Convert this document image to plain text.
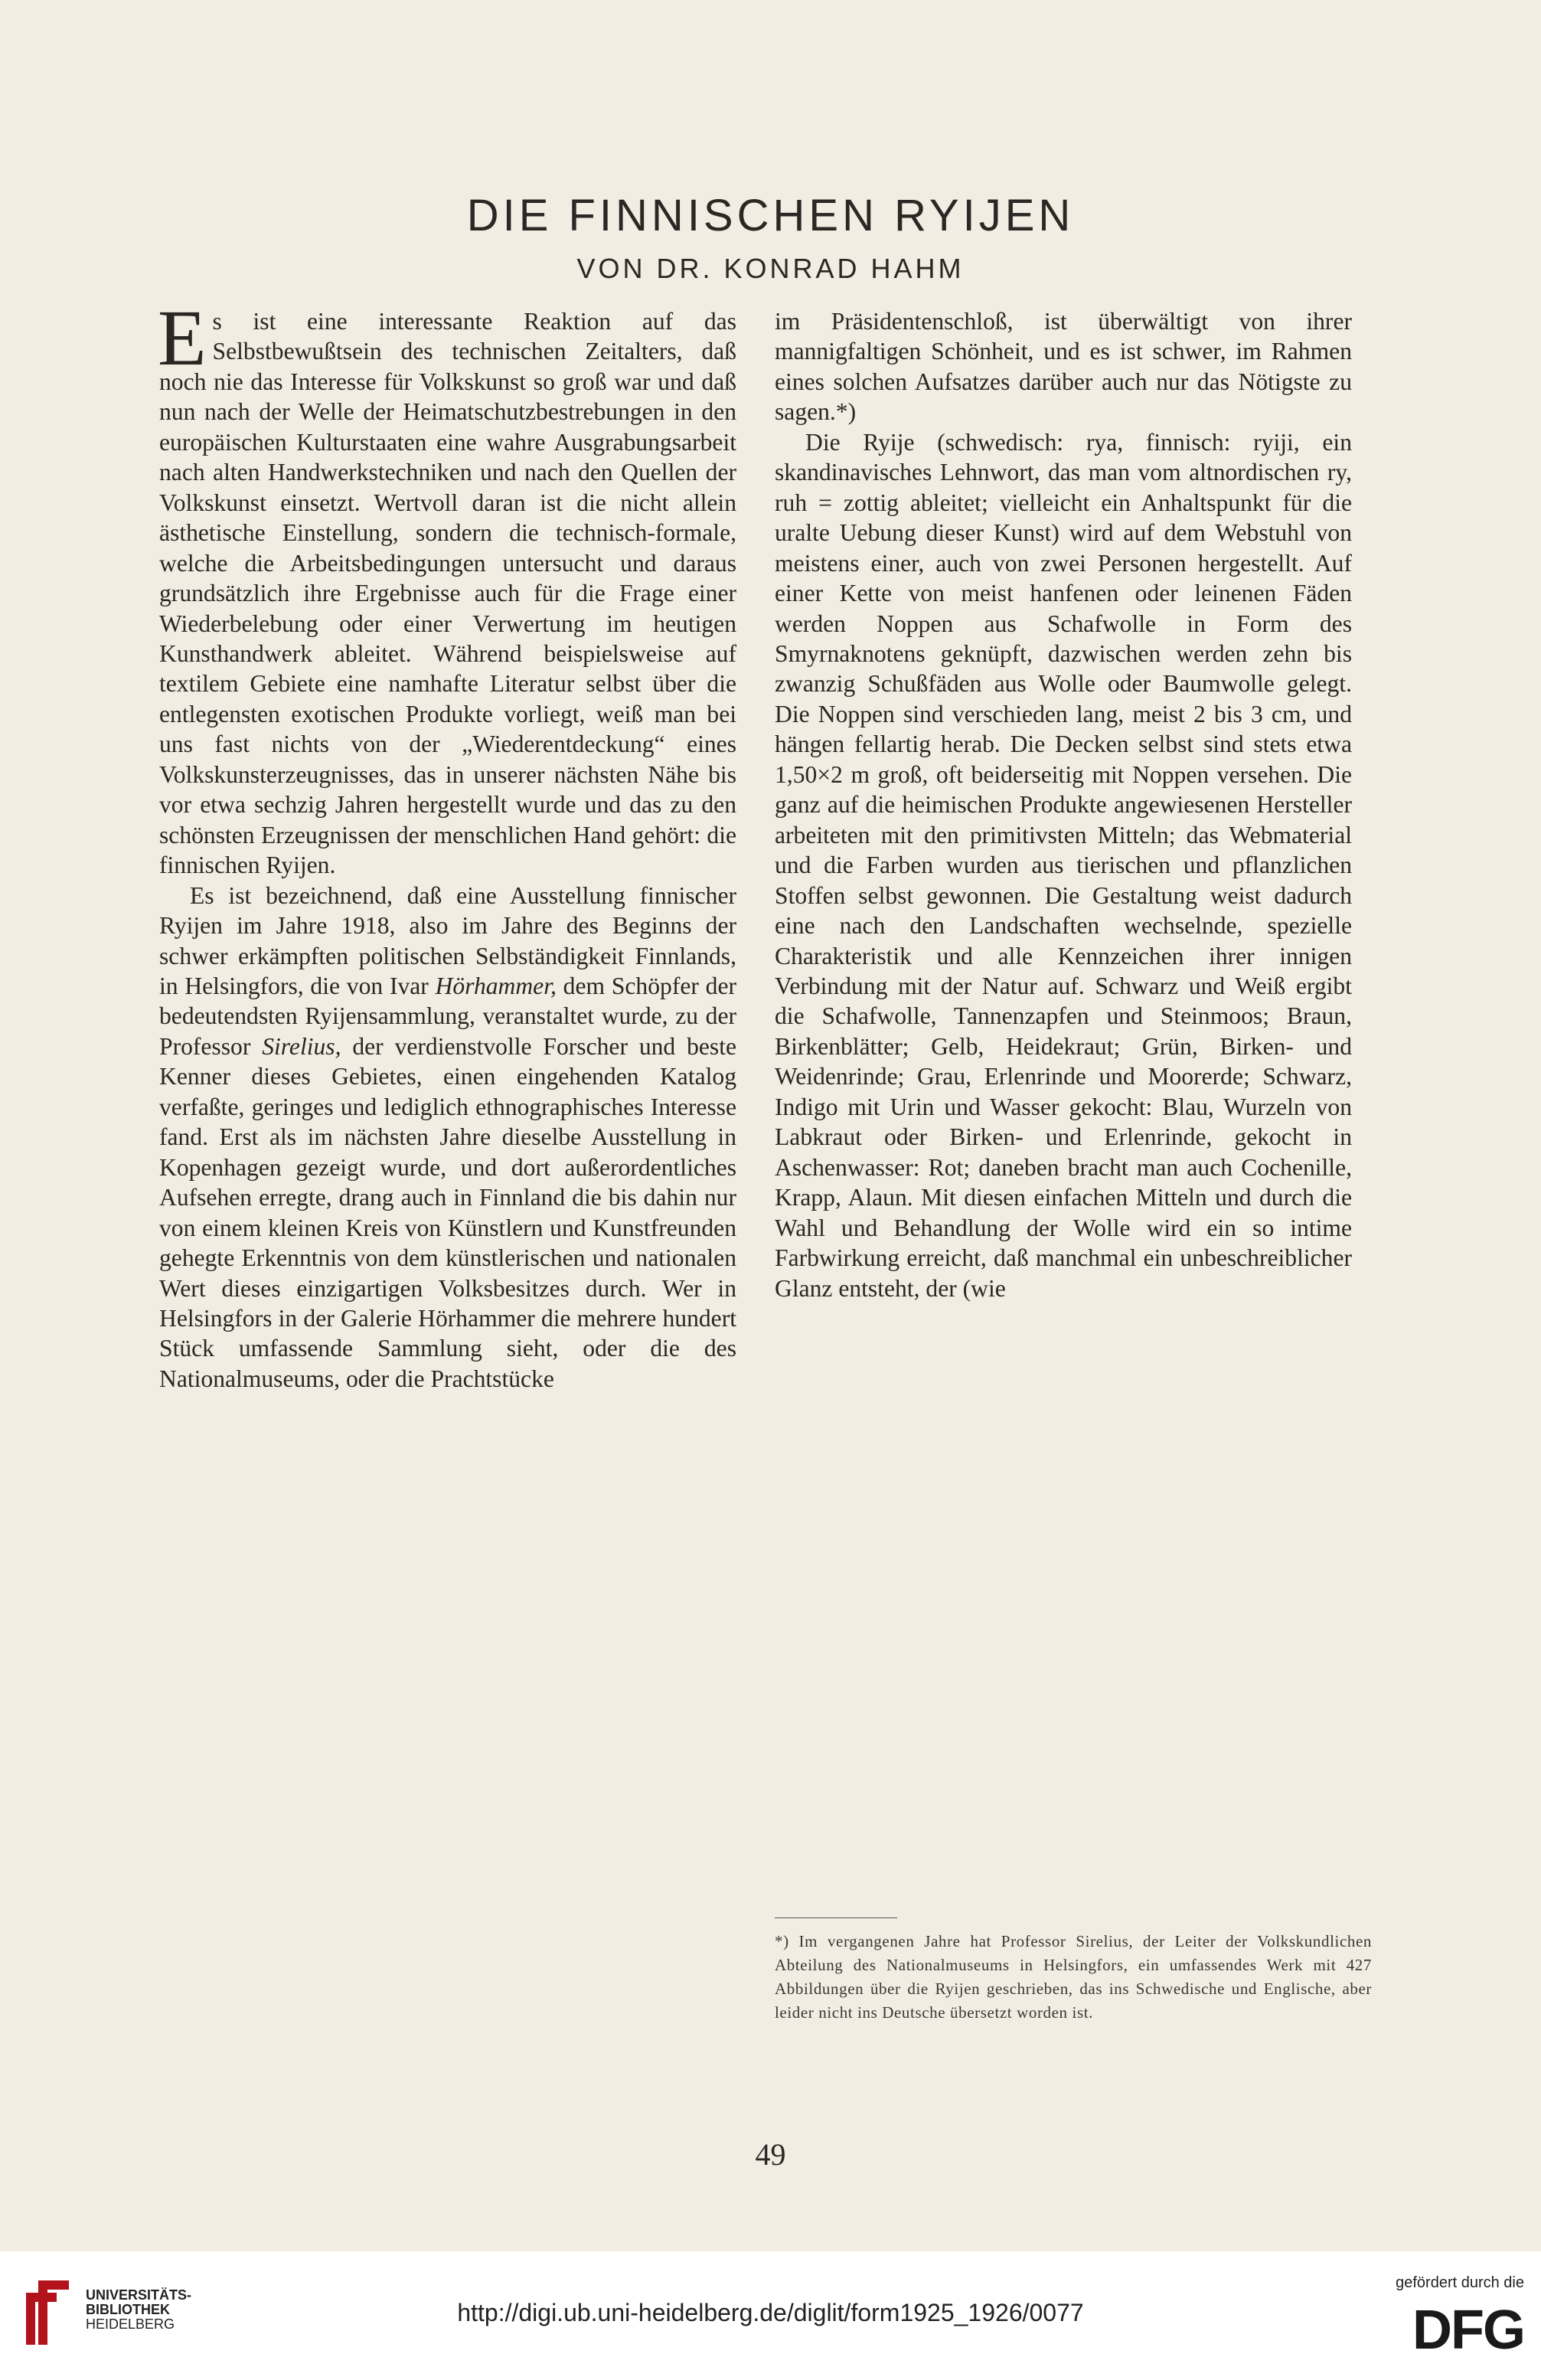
DIE FINNISCHEN RYIJEN
VON DR. KONRAD HAHM

Es ist eine interessante Reaktion auf das Selbstbewußtsein des technischen Zeitalters, daß noch nie das Interesse für Volkskunst so groß war und daß nun nach der Welle der Heimatschutzbestrebungen in den europäischen Kulturstaaten eine wahre Ausgrabungsarbeit nach alten Handwerkstechniken und nach den Quellen der Volkskunst einsetzt. Wertvoll daran ist die nicht allein ästhetische Einstellung, sondern die technisch-formale, welche die Arbeitsbedingungen untersucht und daraus grundsätzlich ihre Ergebnisse auch für die Frage einer Wiederbelebung oder einer Verwertung im heutigen Kunsthandwerk ableitet. Während beispielsweise auf textilem Gebiete eine namhafte Literatur selbst über die entlegensten exotischen Produkte vorliegt, weiß man bei uns fast nichts von der „Wiederentdeckung“ eines Volkskunsterzeugnisses, das in unserer nächsten Nähe bis vor etwa sechzig Jahren hergestellt wurde und das zu den schönsten Erzeugnissen der menschlichen Hand gehört: die finnischen Ryijen.

Es ist bezeichnend, daß eine Ausstellung finnischer Ryijen im Jahre 1918, also im Jahre des Beginns der schwer erkämpften politischen Selbständigkeit Finnlands, in Helsingfors, die von Ivar Hörhammer, dem Schöpfer der bedeutendsten Ryijensammlung, veranstaltet wurde, zu der Professor Sirelius, der verdienstvolle Forscher und beste Kenner dieses Gebietes, einen eingehenden Katalog verfaßte, geringes und lediglich ethnographisches Interesse fand. Erst als im nächsten Jahre dieselbe Ausstellung in Kopenhagen gezeigt wurde, und dort außerordentliches Aufsehen erregte, drang auch in Finnland die bis dahin nur von einem kleinen Kreis von Künstlern und Kunstfreunden gehegte Erkenntnis von dem künstlerischen und nationalen Wert dieses einzigartigen Volksbesitzes durch. Wer in Helsingfors in der Galerie Hörhammer die mehrere hundert Stück umfassende Sammlung sieht, oder die des Nationalmuseums, oder die Prachtstücke

im Präsidentenschloß, ist überwältigt von ihrer mannigfaltigen Schönheit, und es ist schwer, im Rahmen eines solchen Aufsatzes darüber auch nur das Nötigste zu sagen.*)

Die Ryije (schwedisch: rya, finnisch: ryiji, ein skandinavisches Lehnwort, das man vom altnordischen ry, ruh = zottig ableitet; vielleicht ein Anhaltspunkt für die uralte Uebung dieser Kunst) wird auf dem Webstuhl von meistens einer, auch von zwei Personen hergestellt. Auf einer Kette von meist hanfenen oder leinenen Fäden werden Noppen aus Schafwolle in Form des Smyrnaknotens geknüpft, dazwischen werden zehn bis zwanzig Schußfäden aus Wolle oder Baumwolle gelegt. Die Noppen sind verschieden lang, meist 2 bis 3 cm, und hängen fellartig herab. Die Decken selbst sind stets etwa 1,50×2 m groß, oft beiderseitig mit Noppen versehen. Die ganz auf die heimischen Produkte angewiesenen Hersteller arbeiteten mit den primitivsten Mitteln; das Webmaterial und die Farben wurden aus tierischen und pflanzlichen Stoffen selbst gewonnen. Die Gestaltung weist dadurch eine nach den Landschaften wechselnde, spezielle Charakteristik und alle Kennzeichen ihrer innigen Verbindung mit der Natur auf. Schwarz und Weiß ergibt die Schafwolle, Tannenzapfen und Steinmoos; Braun, Birkenblätter; Gelb, Heidekraut; Grün, Birken- und Weidenrinde; Grau, Erlenrinde und Moorerde; Schwarz, Indigo mit Urin und Wasser gekocht: Blau, Wurzeln von Labkraut oder Birken- und Erlenrinde, gekocht in Aschenwasser: Rot; daneben bracht man auch Cochenille, Krapp, Alaun. Mit diesen einfachen Mitteln und durch die Wahl und Behandlung der Wolle wird ein so intime Farbwirkung erreicht, daß manchmal ein unbeschreiblicher Glanz entsteht, der (wie

*) Im vergangenen Jahre hat Professor Sirelius, der Leiter der Volkskundlichen Abteilung des Nationalmuseums in Helsingfors, ein umfassendes Werk mit 427 Abbildungen über die Ryijen geschrieben, das ins Schwedische und Englische, aber leider nicht ins Deutsche übersetzt worden ist.
49
UNIVERSITÄTS-
BIBLIOTHEK
HEIDELBERG	http://digi.ub.uni-heidelberg.de/diglit/form1925_1926/0077
gefördert durch die
DFG
